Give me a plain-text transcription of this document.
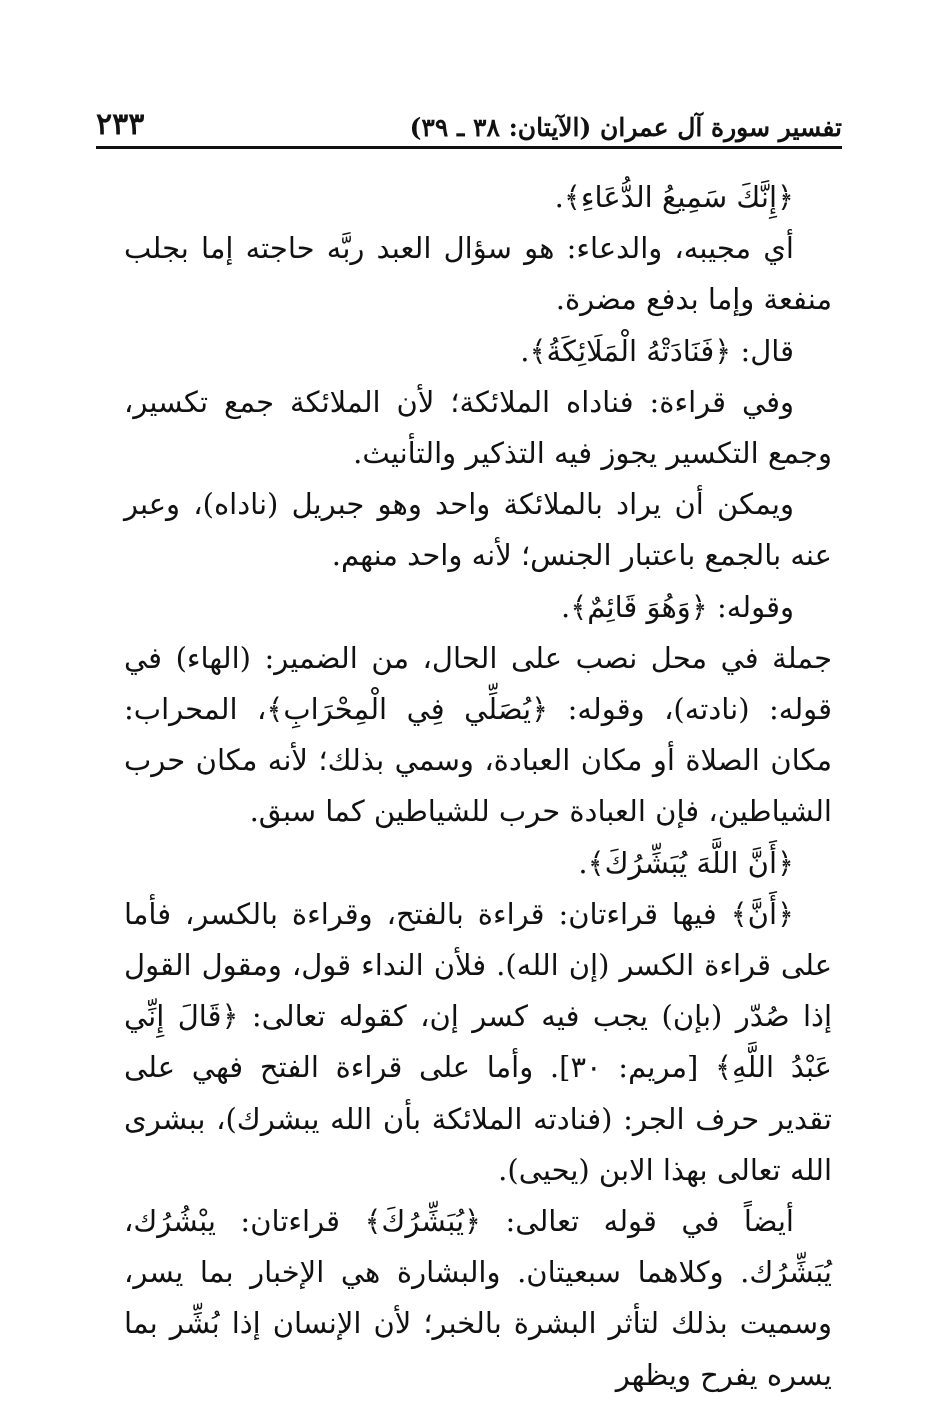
تفسير سورة آل عمران (الآيتان: ٣٨ ـ ٣٩)
٢٣٣

﴿إِنَّكَ سَمِيعُ الدُّعَاءِ﴾.

أي مجيبه، والدعاء: هو سؤال العبد ربَّه حاجته إما بجلب منفعة وإما بدفع مضرة.

قال: ﴿فَنَادَتْهُ الْمَلَائِكَةُ﴾.

وفي قراءة: فناداه الملائكة؛ لأن الملائكة جمع تكسير، وجمع التكسير يجوز فيه التذكير والتأنيث.

ويمكن أن يراد بالملائكة واحد وهو جبريل (ناداه)، وعبر عنه بالجمع باعتبار الجنس؛ لأنه واحد منهم.

وقوله: ﴿وَهُوَ قَائِمٌ﴾.

جملة في محل نصب على الحال، من الضمير: (الهاء) في قوله: (نادته)، وقوله: ﴿يُصَلِّي فِي الْمِحْرَابِ﴾، المحراب: مكان الصلاة أو مكان العبادة، وسمي بذلك؛ لأنه مكان حرب الشياطين، فإن العبادة حرب للشياطين كما سبق.

﴿أَنَّ اللَّهَ يُبَشِّرُكَ﴾.

﴿أَنَّ﴾ فيها قراءتان: قراءة بالفتح، وقراءة بالكسر، فأما على قراءة الكسر (إن الله). فلأن النداء قول، ومقول القول إذا صُدّر (بإن) يجب فيه كسر إن، كقوله تعالى: ﴿قَالَ إِنِّي عَبْدُ اللَّهِ﴾ [مريم: ٣٠]. وأما على قراءة الفتح فهي على تقدير حرف الجر: (فنادته الملائكة بأن الله يبشرك)، ببشرى الله تعالى بهذا الابن (يحيى).

أيضاً في قوله تعالى: ﴿يُبَشِّرُكَ﴾ قراءتان: يبْشُرُك، يُبَشِّرُك. وكلاهما سبعيتان. والبشارة هي الإخبار بما يسر، وسميت بذلك لتأثر البشرة بالخبر؛ لأن الإنسان إذا بُشِّر بما يسره يفرح ويظهر
